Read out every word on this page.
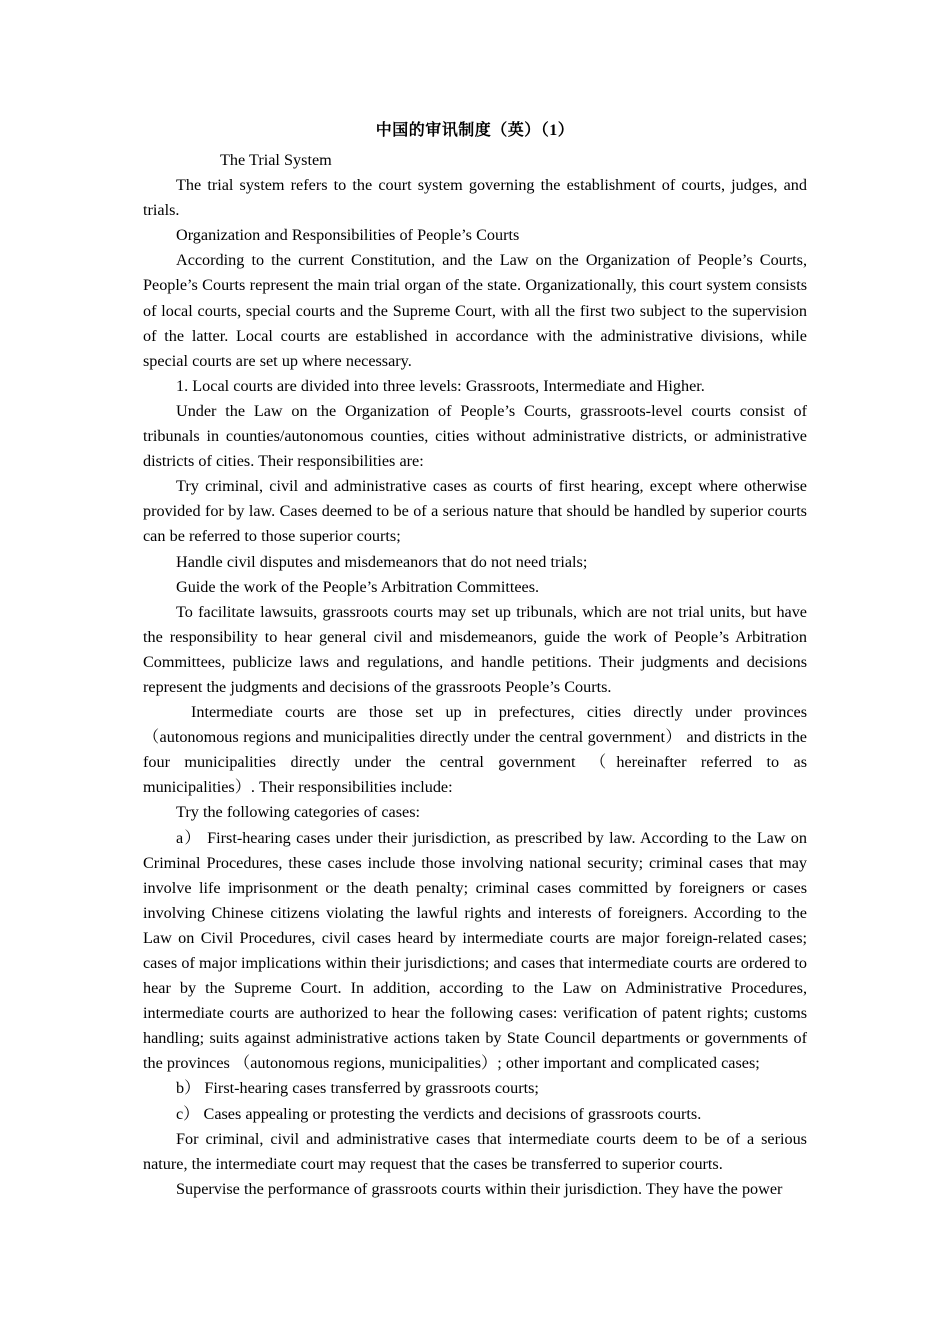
中国的审讯制度（英）（1）

The Trial System

The trial system refers to the court system governing the establishment of courts, judges, and trials.

Organization and Responsibilities of People’s Courts

According to the current Constitution, and the Law on the Organization of People’s Courts, People’s Courts represent the main trial organ of the state. Organizationally, this court system consists of local courts, special courts and the Supreme Court, with all the first two subject to the supervision of the latter. Local courts are established in accordance with the administrative divisions, while special courts are set up where necessary.

1. Local courts are divided into three levels: Grassroots, Intermediate and Higher.

Under the Law on the Organization of People’s Courts, grassroots-level courts consist of tribunals in counties/autonomous counties, cities without administrative districts, or administrative districts of cities. Their responsibilities are:

Try criminal, civil and administrative cases as courts of first hearing, except where otherwise provided for by law. Cases deemed to be of a serious nature that should be handled by superior courts can be referred to those superior courts;

Handle civil disputes and misdemeanors that do not need trials;

Guide the work of the People’s Arbitration Committees.

To facilitate lawsuits, grassroots courts may set up tribunals, which are not trial units, but have the responsibility to hear general civil and misdemeanors, guide the work of People’s Arbitration Committees, publicize laws and regulations, and handle petitions. Their judgments and decisions represent the judgments and decisions of the grassroots People’s Courts.

Intermediate courts are those set up in prefectures, cities directly under provinces （autonomous regions and municipalities directly under the central government） and districts in the four municipalities directly under the central government （hereinafter referred to as municipalities）. Their responsibilities include:

Try the following categories of cases:

a） First-hearing cases under their jurisdiction, as prescribed by law. According to the Law on Criminal Procedures, these cases include those involving national security; criminal cases that may involve life imprisonment or the death penalty; criminal cases committed by foreigners or cases involving Chinese citizens violating the lawful rights and interests of foreigners. According to the Law on Civil Procedures, civil cases heard by intermediate courts are major foreign-related cases; cases of major implications within their jurisdictions; and cases that intermediate courts are ordered to hear by the Supreme Court. In addition, according to the Law on Administrative Procedures, intermediate courts are authorized to hear the following cases: verification of patent rights; customs handling; suits against administrative actions taken by State Council departments or governments of the provinces （autonomous regions, municipalities）; other important and complicated cases;

b） First-hearing cases transferred by grassroots courts;

c） Cases appealing or protesting the verdicts and decisions of grassroots courts.

For criminal, civil and administrative cases that intermediate courts deem to be of a serious nature, the intermediate court may request that the cases be transferred to superior courts.

Supervise the performance of grassroots courts within their jurisdiction. They have the power
